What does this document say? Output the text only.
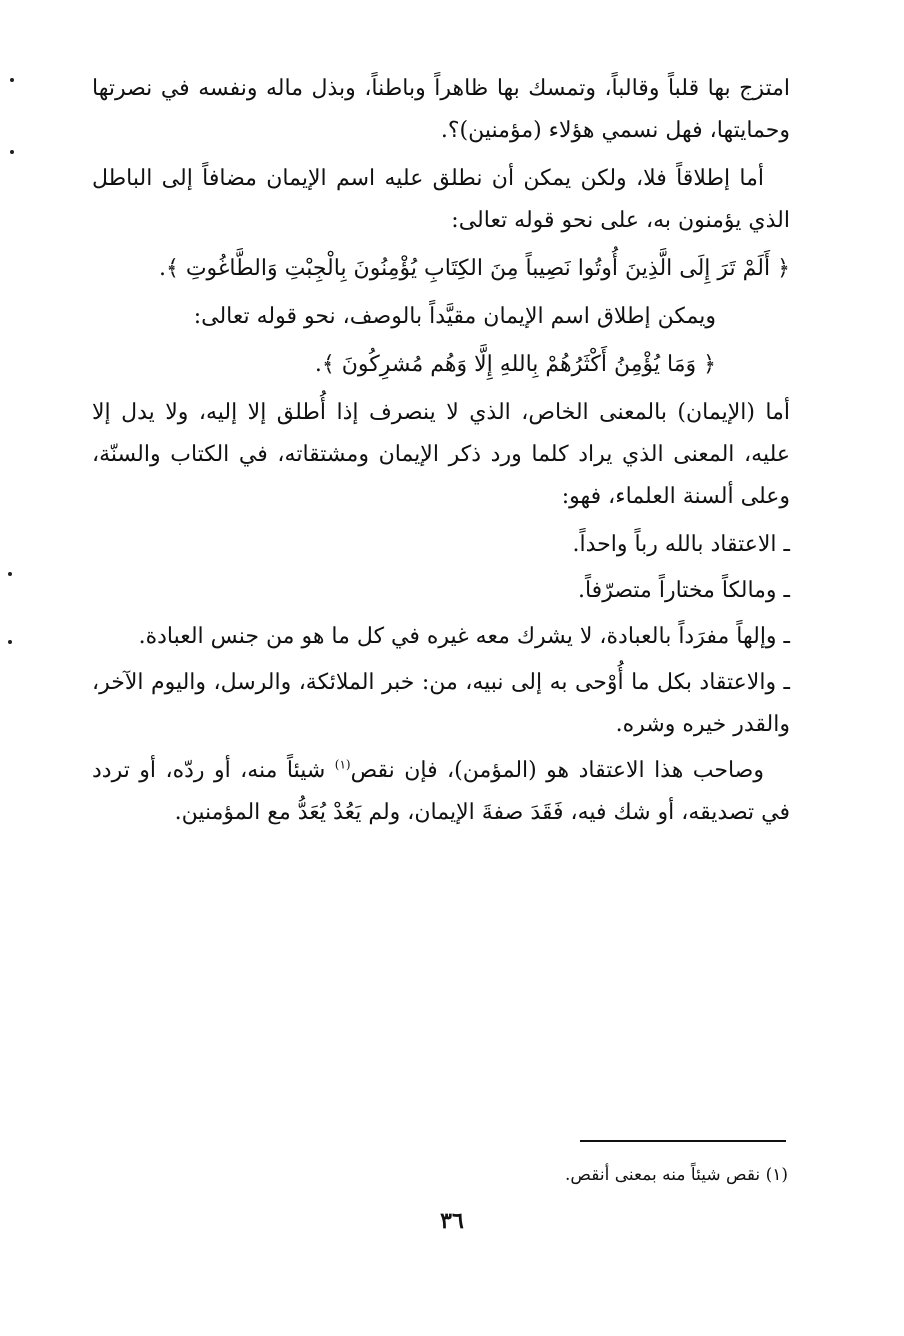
امتزج بها قلباً وقالباً، وتمسك بها ظاهراً وباطناً، وبذل ماله ونفسه في نصرتها وحمايتها، فهل نسمي هؤلاء (مؤمنين)؟.

أما إطلاقاً فلا، ولكن يمكن أن نطلق عليه اسم الإيمان مضافاً إلى الباطل الذي يؤمنون به، على نحو قوله تعالى:

﴿ أَلَمْ تَرَ إِلَى الَّذِينَ أُوتُوا نَصِيباً مِنَ الكِتَابِ يُؤْمِنُونَ بِالْجِبْتِ وَالطَّاغُوتِ ﴾.

ويمكن إطلاق اسم الإيمان مقيَّداً بالوصف، نحو قوله تعالى:

﴿ وَمَا يُؤْمِنُ أَكْثَرُهُمْ بِاللهِ إِلَّا وَهُم مُشرِكُونَ ﴾.

أما (الإيمان) بالمعنى الخاص، الذي لا ينصرف إذا أُطلق إلا إليه، ولا يدل إلا عليه، المعنى الذي يراد كلما ورد ذكر الإيمان ومشتقاته، في الكتاب والسنّة، وعلى ألسنة العلماء، فهو:

ـ الاعتقاد بالله رباً واحداً.

ـ ومالكاً مختاراً متصرّفاً.

ـ وإلهاً مفرَداً بالعبادة، لا يشرك معه غيره في كل ما هو من جنس العبادة.

ـ والاعتقاد بكل ما أُوْحى به إلى نبيه، من: خبر الملائكة، والرسل، واليوم الآخر، والقدر خيره وشره.

وصاحب هذا الاعتقاد هو (المؤمن)، فإن نقص$^{(١)}$ شيئاً منه، أو ردّه، أو تردد في تصديقه، أو شك فيه، فَقَدَ صفةَ الإيمان، ولم يَعُدْ يُعَدُّ مع المؤمنين.

(١) نقص شيئاً منه بمعنى أنقص.
٣٦
